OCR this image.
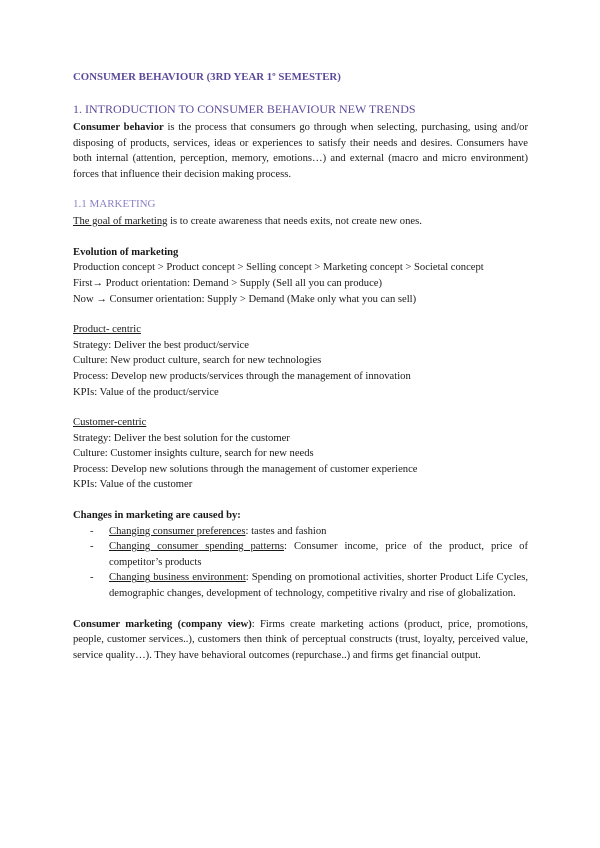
CONSUMER BEHAVIOUR (3RD YEAR 1º SEMESTER)

1. INTRODUCTION TO CONSUMER BEHAVIOUR NEW TRENDS

Consumer behavior is the process that consumers go through when selecting, purchasing, using and/or disposing of products, services, ideas or experiences to satisfy their needs and desires. Consumers have both internal (attention, perception, memory, emotions…) and external (macro and micro environment) forces that influence their decision making process.

1.1 MARKETING

The goal of marketing is to create awareness that needs exits, not create new ones.

Evolution of marketing

Production concept > Product concept > Selling concept > Marketing concept > Societal concept

First→ Product orientation: Demand > Supply (Sell all you can produce)

Now → Consumer orientation: Supply > Demand (Make only what you can sell)

Product- centric

Strategy: Deliver the best product/service

Culture: New product culture, search for new technologies

Process: Develop new products/services through the management of innovation

KPIs: Value of the product/service

Customer-centric

Strategy: Deliver the best solution for the customer

Culture: Customer insights culture, search for new needs

Process: Develop new solutions through the management of customer experience

KPIs: Value of the customer

Changes in marketing are caused by:

- Changing consumer preferences: tastes and fashion
- Changing consumer spending patterns: Consumer income, price of the product, price of competitor’s products
- Changing business environment: Spending on promotional activities, shorter Product Life Cycles, demographic changes, development of technology, competitive rivalry and rise of globalization.

Consumer marketing (company view): Firms create marketing actions (product, price, promotions, people, customer services..), customers then think of perceptual constructs (trust, loyalty, perceived value, service quality…). They have behavioral outcomes (repurchase..) and firms get financial output.
